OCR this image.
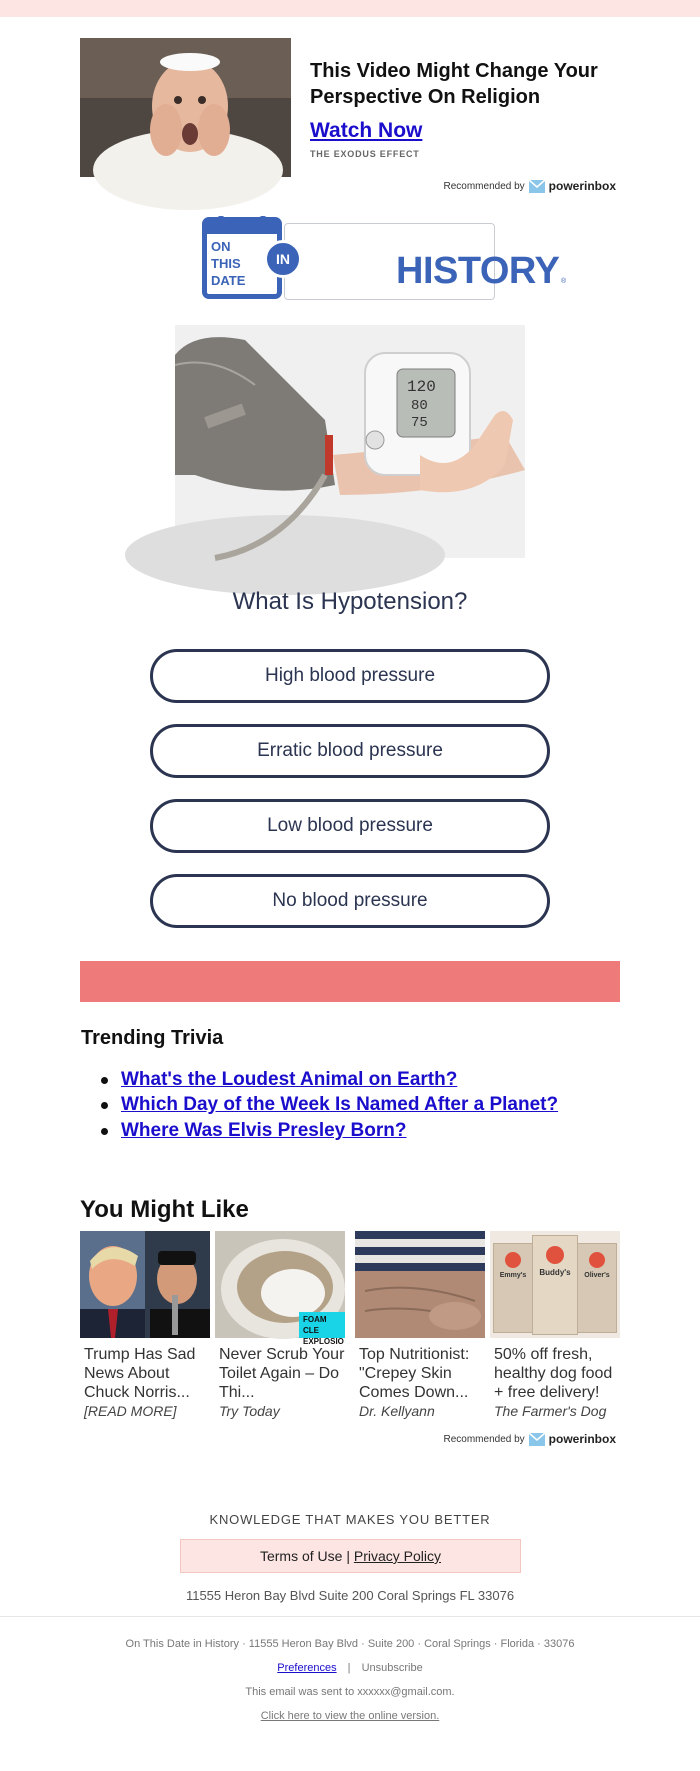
This Video Might Change Your Perspective On Religion
Watch Now
THE EXODUS EFFECT
Recommended by powerinbox
HISTORY ®
ON
THIS
DATE
IN
120
80
75
What Is Hypotension?
High blood pressure
Erratic blood pressure
Low blood pressure
No blood pressure
Trending Trivia
What's the Loudest Animal on Earth?
Which Day of the Week Is Named After a Planet?
Where Was Elvis Presley Born?
You Might Like
Trump Has Sad News About Chuck Norris...
[READ MORE]
FOAM CLE EXPLOSIO
Never Scrub Your Toilet Again – Do Thi...
Try Today
Top Nutritionist: "Crepey Skin Comes Down...
Dr. Kellyann
Emmy's	Oliver's
Buddy's
50% off fresh, healthy dog food + free delivery!
The Farmer's Dog
Recommended by powerinbox
KNOWLEDGE THAT MAKES YOU BETTER
Terms of Use | Privacy Policy
11555 Heron Bay Blvd Suite 200 Coral Springs FL 33076
On This Date in History · 11555 Heron Bay Blvd · Suite 200 · Coral Springs · Florida · 33076
Preferences | Unsubscribe
This email was sent to xxxxxx@gmail.com.
Click here to view the online version.
